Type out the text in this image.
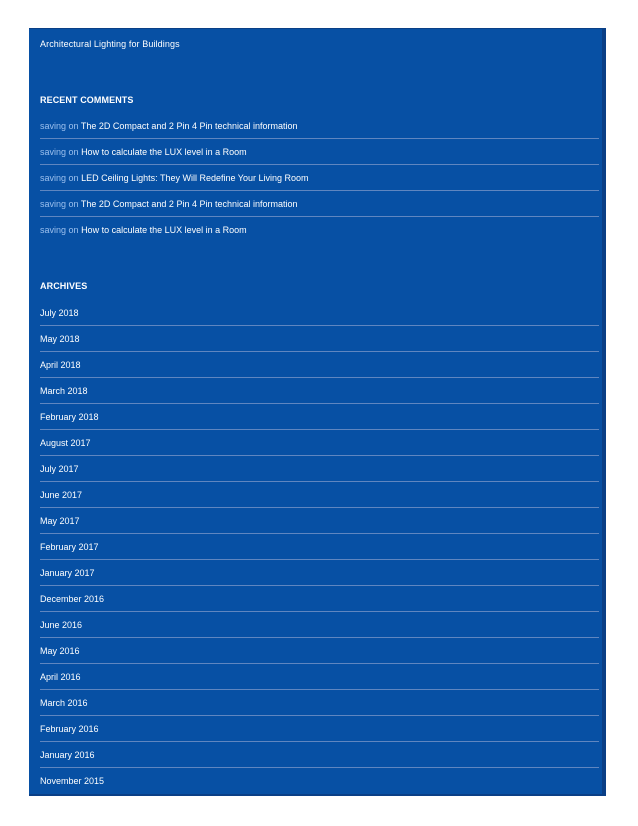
Architectural Lighting for Buildings
RECENT COMMENTS
saving on The 2D Compact and 2 Pin 4 Pin technical information
saving on How to calculate the LUX level in a Room
saving on LED Ceiling Lights: They Will Redefine Your Living Room
saving on The 2D Compact and 2 Pin 4 Pin technical information
saving on How to calculate the LUX level in a Room
ARCHIVES
July 2018
May 2018
April 2018
March 2018
February 2018
August 2017
July 2017
June 2017
May 2017
February 2017
January 2017
December 2016
June 2016
May 2016
April 2016
March 2016
February 2016
January 2016
November 2015
